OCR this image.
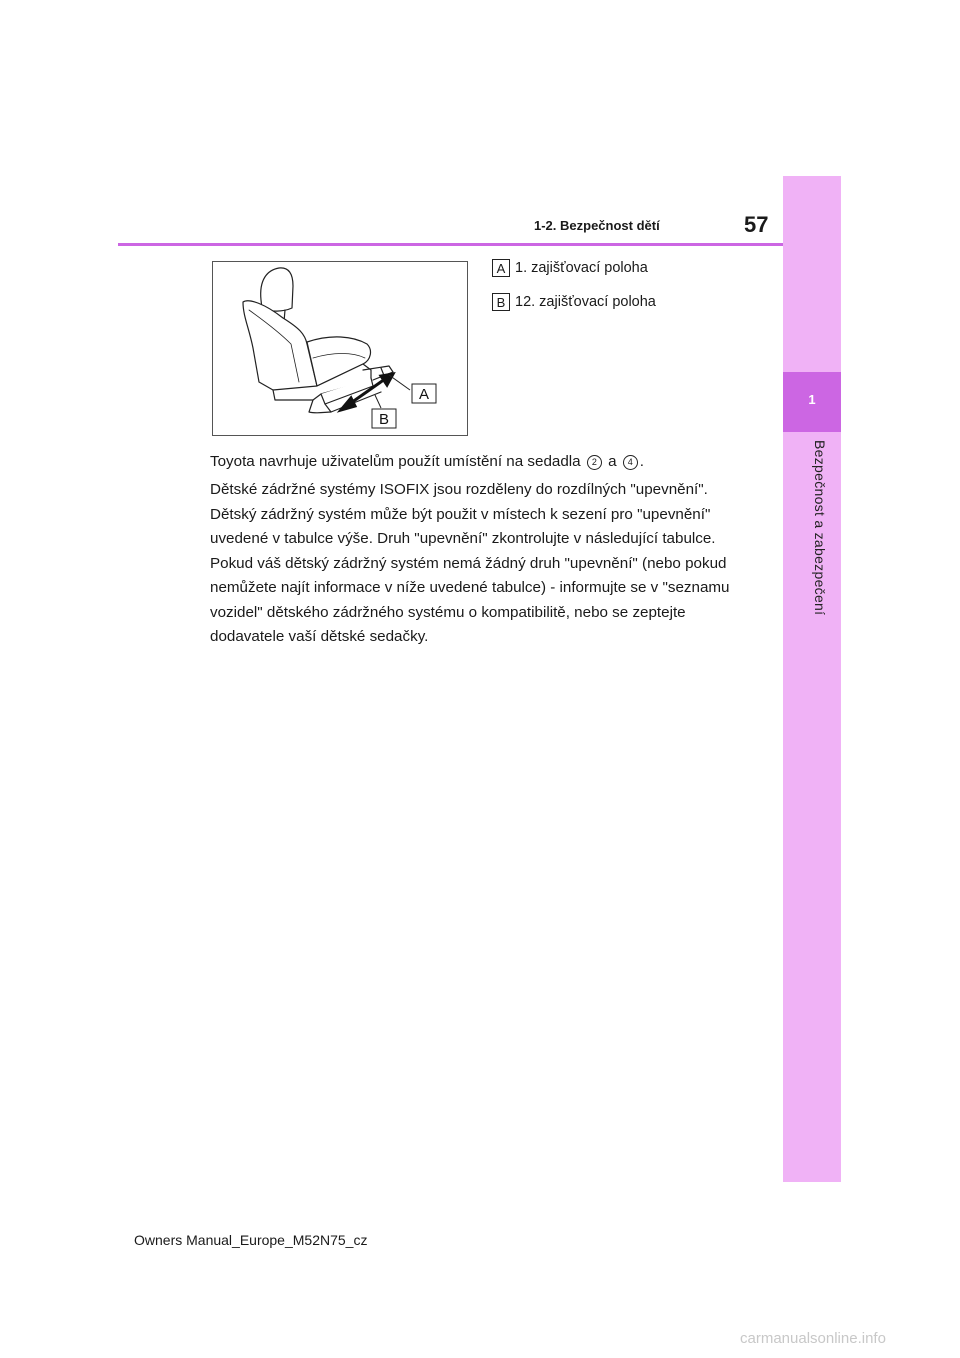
1
Bezpečnost a zabezpečení
1-2. Bezpečnost dětí	57
A
B
A 1. zajišťovací poloha
B 12. zajišťovací poloha
Toyota navrhuje uživatelům použít umístění na sedadla 2 a 4 .
Dětské zádržné systémy ISOFIX jsou rozděleny do rozdílných "upevnění". Dětský zádržný systém může být použit v místech k sezení pro "upevnění" uvedené v tabulce výše. Druh "upevnění" zkontrolujte v následující tabulce. Pokud váš dětský zádržný systém nemá žádný druh "upevnění" (nebo pokud nemůžete najít informace v níže uvedené tabulce) - informujte se v "seznamu vozidel" dětského zádržného systému o kompatibilitě, nebo se zeptejte dodavatele vaší dětské sedačky.
Owners Manual_Europe_M52N75_cz
carmanualsonline.info
